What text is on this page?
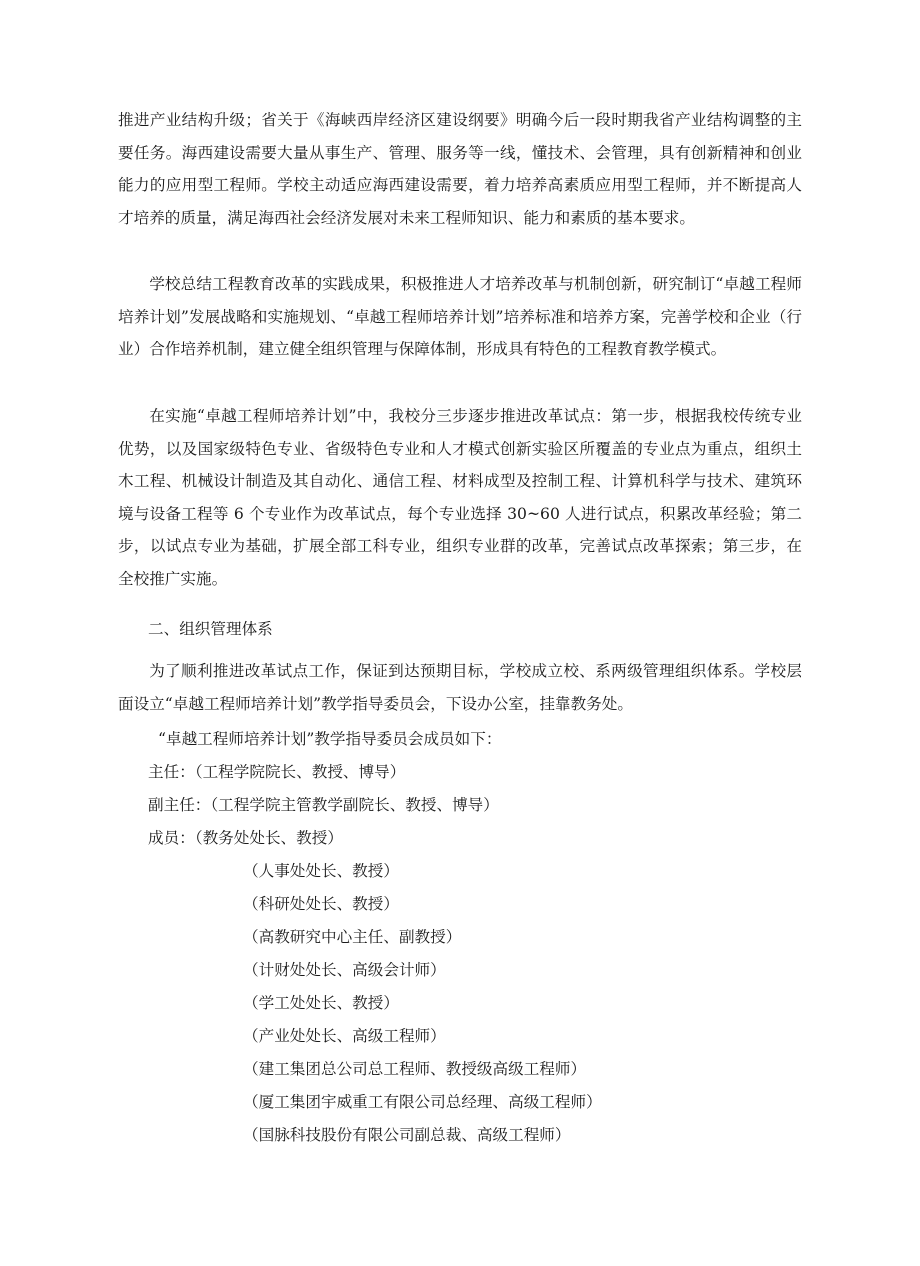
推进产业结构升级；省关于《海峡西岸经济区建设纲要》明确今后一段时期我省产业结构调整的主要任务。海西建设需要大量从事生产、管理、服务等一线，懂技术、会管理，具有创新精神和创业能力的应用型工程师。学校主动适应海西建设需要，着力培养高素质应用型工程师，并不断提高人才培养的质量，满足海西社会经济发展对未来工程师知识、能力和素质的基本要求。

学校总结工程教育改革的实践成果，积极推进人才培养改革与机制创新，研究制订“卓越工程师培养计划”发展战略和实施规划、“卓越工程师培养计划”培养标准和培养方案，完善学校和企业（行业）合作培养机制，建立健全组织管理与保障体制，形成具有特色的工程教育教学模式。

在实施“卓越工程师培养计划”中，我校分三步逐步推进改革试点：第一步，根据我校传统专业优势，以及国家级特色专业、省级特色专业和人才模式创新实验区所覆盖的专业点为重点，组织土木工程、机械设计制造及其自动化、通信工程、材料成型及控制工程、计算机科学与技术、建筑环境与设备工程等 6 个专业作为改革试点，每个专业选择 30~60 人进行试点，积累改革经验；第二步，以试点专业为基础，扩展全部工科专业，组织专业群的改革，完善试点改革探索；第三步，在全校推广实施。

二、组织管理体系

为了顺利推进改革试点工作，保证到达预期目标，学校成立校、系两级管理组织体系。学校层面设立“卓越工程师培养计划”教学指导委员会，下设办公室，挂靠教务处。

“卓越工程师培养计划”教学指导委员会成员如下：

主任：（工程学院院长、教授、博导）

副主任：（工程学院主管教学副院长、教授、博导）

成员：（教务处处长、教授）

（人事处处长、教授）

（科研处处长、教授）

（高教研究中心主任、副教授）

（计财处处长、高级会计师）

（学工处处长、教授）

（产业处处长、高级工程师）

（建工集团总公司总工程师、教授级高级工程师）

（厦工集团宇威重工有限公司总经理、高级工程师）

（国脉科技股份有限公司副总裁、高级工程师）
